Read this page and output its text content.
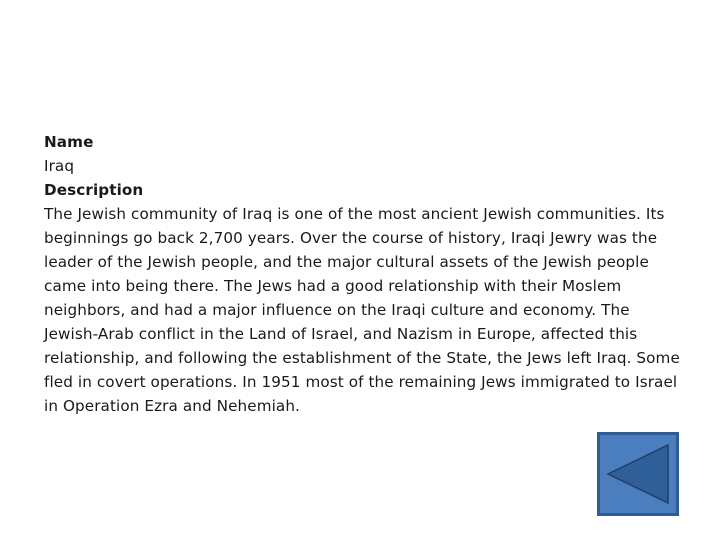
Name

Iraq

Description

The Jewish community of Iraq is one of the most ancient Jewish communities. Its beginnings go back 2,700 years. Over the course of history, Iraqi Jewry was the leader of the Jewish people, and the major cultural assets of the Jewish people came into being there. The Jews had a good relationship with their Moslem neighbors, and had a major influence on the Iraqi culture and economy. The Jewish-Arab conflict in the Land of Israel, and Nazism in Europe, affected this relationship, and following the establishment of the State, the Jews left Iraq. Some fled in covert operations. In 1951 most of the remaining Jews immigrated to Israel in Operation Ezra and Nehemiah.
